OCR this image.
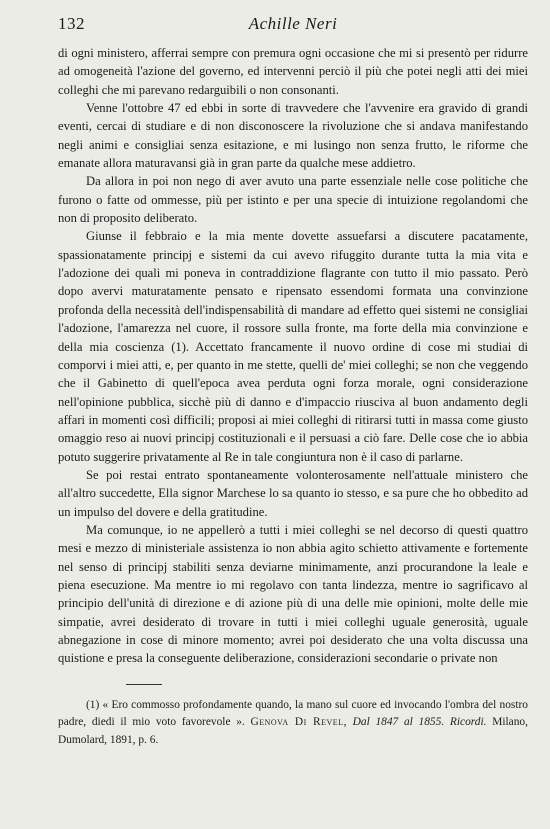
132	Achille Neri

di ogni ministero, afferrai sempre con premura ogni occasione che mi si presentò per ridurre ad omogeneità l'azione del governo, ed intervenni perciò il più che potei negli atti dei miei colleghi che mi parevano redarguibili o non consonanti.

Venne l'ottobre 47 ed ebbi in sorte di travvedere che l'avvenire era gravido di grandi eventi, cercai di studiare e di non disconoscere la rivoluzione che si andava manifestando negli animi e consigliai senza esitazione, e mi lusingo non senza frutto, le riforme che emanate allora maturavansi già in gran parte da qualche mese addietro.

Da allora in poi non nego di aver avuto una parte essenziale nelle cose politiche che furono o fatte od ommesse, più per istinto e per una specie di intuizione regolandomi che non di proposito deliberato.

Giunse il febbraio e la mia mente dovette assuefarsi a discutere pacatamente, spassionatamente principj e sistemi da cui avevo rifuggito durante tutta la mia vita e l'adozione dei quali mi poneva in contraddizione flagrante con tutto il mio passato. Però dopo avervi maturatamente pensato e ripensato essendomi formata una convinzione profonda della necessità dell'indispensabilità di mandare ad effetto quei sistemi ne consigliai l'adozione, l'amarezza nel cuore, il rossore sulla fronte, ma forte della mia convinzione e della mia coscienza (1). Accettato francamente il nuovo ordine di cose mi studiai di comporvi i miei atti, e, per quanto in me stette, quelli de' miei colleghi; se non che veggendo che il Gabinetto di quell'epoca avea perduta ogni forza morale, ogni considerazione nell'opinione pubblica, sicchè più di danno e d'impaccio riusciva al buon andamento degli affari in momenti così difficili; proposi ai miei colleghi di ritirarsi tutti in massa come giusto omaggio reso ai nuovi principj costituzionali e il persuasi a ciò fare. Delle cose che io abbia potuto suggerire privatamente al Re in tale congiuntura non è il caso di parlarne.

Se poi restai entrato spontaneamente volonterosamente nell'attuale ministero che all'altro succedette, Ella signor Marchese lo sa quanto io stesso, e sa pure che ho obbedito ad un impulso del dovere e della gratitudine.

Ma comunque, io ne appellerò a tutti i miei colleghi se nel decorso di questi quattro mesi e mezzo di ministeriale assistenza io non abbia agito schietto attivamente e fortemente nel senso di principj stabiliti senza deviarne minimamente, anzi procurandone la leale e piena esecuzione. Ma mentre io mi regolavo con tanta lindezza, mentre io sagrificavo al principio dell'unità di direzione e di azione più di una delle mie opinioni, molte delle mie simpatie, avrei desiderato di trovare in tutti i miei colleghi uguale generosità, uguale abnegazione in cose di minore momento; avrei poi desiderato che una volta discussa una quistione e presa la conseguente deliberazione, considerazioni secondarie o private non

(1) « Ero commosso profondamente quando, la mano sul cuore ed invocando l'ombra del nostro padre, diedi il mio voto favorevole ». Genova Di Revel, Dal 1847 al 1855. Ricordi. Milano, Dumolard, 1891, p. 6.
